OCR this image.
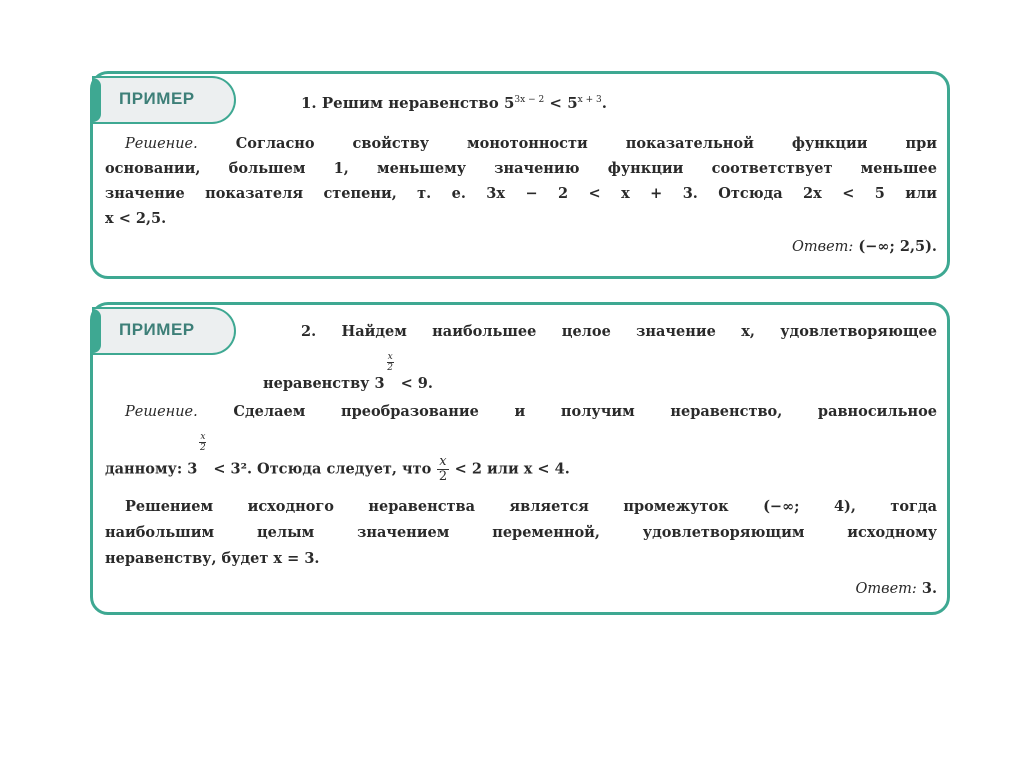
ПРИМЕР	1. Решим неравенство $5^{3x - 2} < 5^{x + 3}$.
Решение. Согласно свойству монотонности показательной функции при
основании, большем 1, меньшему значению функции соответствует меньшее
значение показателя степени, т. е. 3x − 2 < x + 3. Отсюда 2x < 5 или
x < 2,5.
Ответ: (−∞; 2,5).
ПРИМЕР	2. Найдем наибольшее целое значение x, удовлетворяющее
неравенству 3
x
2
< 9.
Решение. Сделаем преобразование и получим неравенство, равносильное
данному: 3
x
2
< 3². Отсюда следует, что $\frac{x}{2} < 2$ или x < 4.
Решением исходного неравенства является промежуток (−∞; 4), тогда
наибольшим целым значением переменной, удовлетворяющим исходному
неравенству, будет x = 3.
Ответ: 3.
